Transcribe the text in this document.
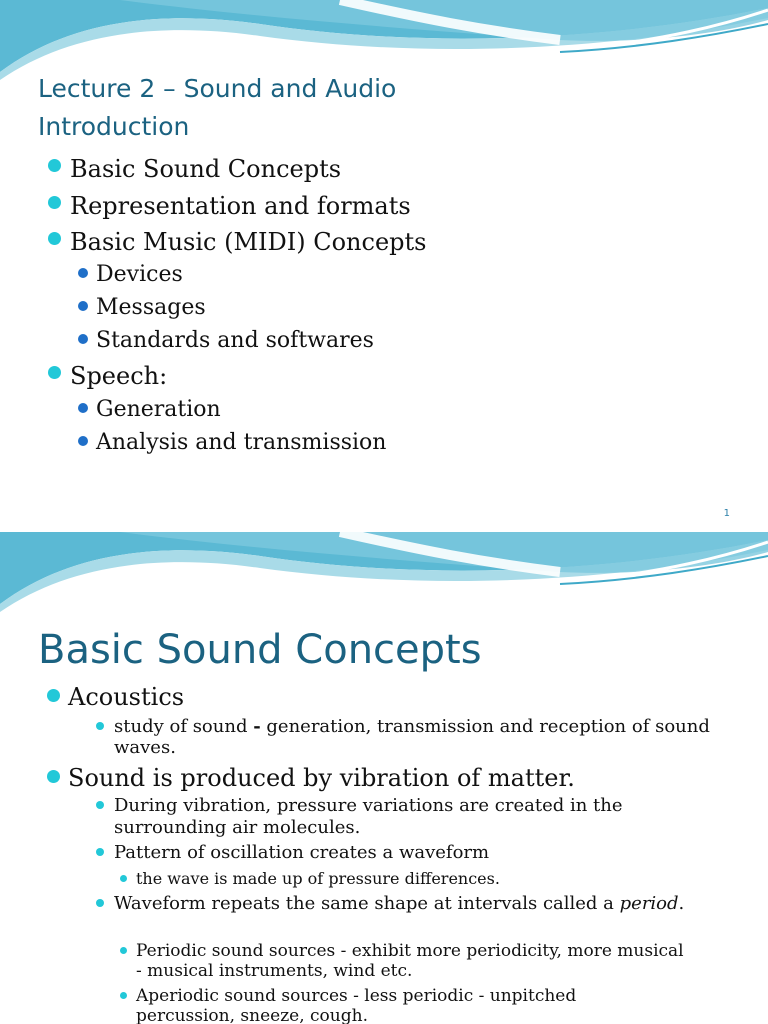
Lecture 2 – Sound and Audio Introduction
Basic Sound Concepts
Representation and formats
Basic Music (MIDI) Concepts
Devices
Messages
Standards and softwares
Speech:
Generation
Analysis and transmission
1
Basic Sound Concepts
Acoustics
study of sound - generation, transmission and reception of sound waves.
Sound is produced by vibration of matter.
During vibration, pressure variations are created in the surrounding air molecules.
Pattern of oscillation creates a waveform
the wave is made up of pressure differences.
Waveform repeats the same shape at intervals called a period.
Periodic sound sources - exhibit more periodicity, more musical - musical instruments, wind etc.
Aperiodic sound sources - less periodic - unpitched percussion, sneeze, cough.
